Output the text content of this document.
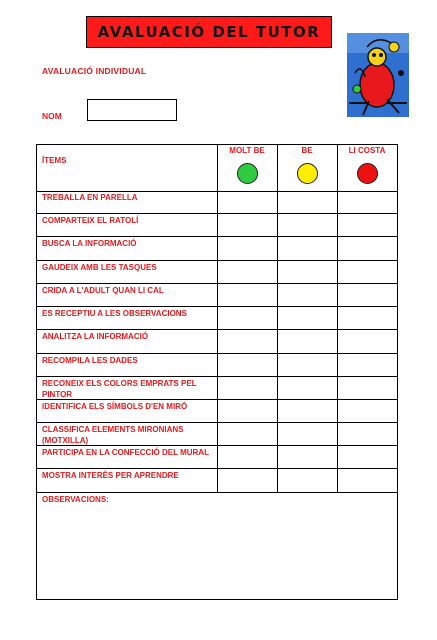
AVALUACIÓ DEL TUTOR
AVALUACIÓ INDIVIDUAL
NOM
ÍTEMS
MOLT BE	BE	LI COSTA
TREBALLA EN PARELLA
COMPARTEIX EL RATOLÍ
BUSCA LA INFORMACIÓ
GAUDEIX AMB LES TASQUES
CRIDA A L'ADULT QUAN LI CAL
ES RECEPTIU A LES OBSERVACIONS
ANALITZA LA INFORMACIÓ
RECOMPILA LES DADES
RECONEIX ELS COLORS EMPRATS PEL PINTOR
IDENTIFICA ELS SÍMBOLS D'EN MIRÓ
CLASSIFICA ELEMENTS MIRONIANS (MOTXILLA)
PARTICIPA EN LA CONFECCIÓ DEL MURAL
MOSTRA INTERÈS PER APRENDRE
OBSERVACIONS:
